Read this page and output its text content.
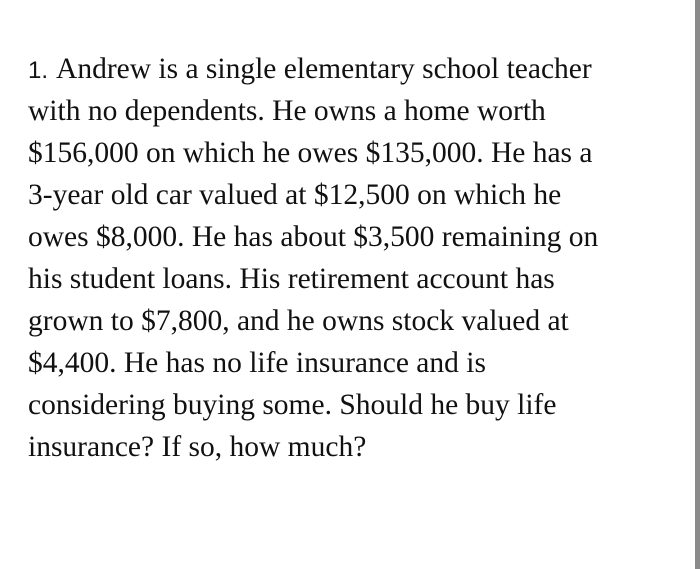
1. Andrew is a single elementary school teacher
with no dependents. He owns a home worth
$156,000 on which he owes $135,000. He has a
3-year old car valued at $12,500 on which he
owes $8,000. He has about $3,500 remaining on
his student loans. His retirement account has
grown to $7,800, and he owns stock valued at
$4,400. He has no life insurance and is
considering buying some. Should he buy life
insurance? If so, how much?
